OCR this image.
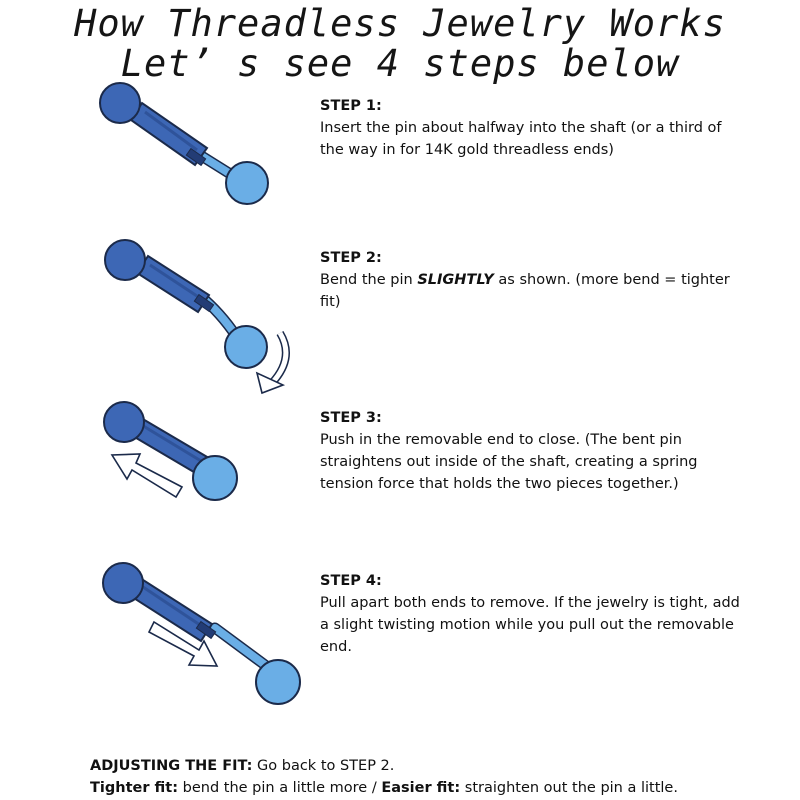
How Threadless Jewelry Works
Let’ s see 4 steps below
STEP 1:
Insert the pin about halfway into the shaft (or a third of the way in for 14K gold threadless ends)
STEP 2:
Bend the pin SLIGHTLY as shown. (more bend = tighter fit)
STEP 3:
Push in the removable end to close. (The bent pin straightens out inside of the shaft, creating a spring tension force that holds the two pieces together.)
STEP 4:
Pull apart both ends to remove. If the jewelry is tight, add a slight twisting motion while you pull out the removable end.
ADJUSTING THE FIT: Go back to STEP 2.
Tighter fit: bend the pin a little more / Easier fit: straighten out the pin a little.
